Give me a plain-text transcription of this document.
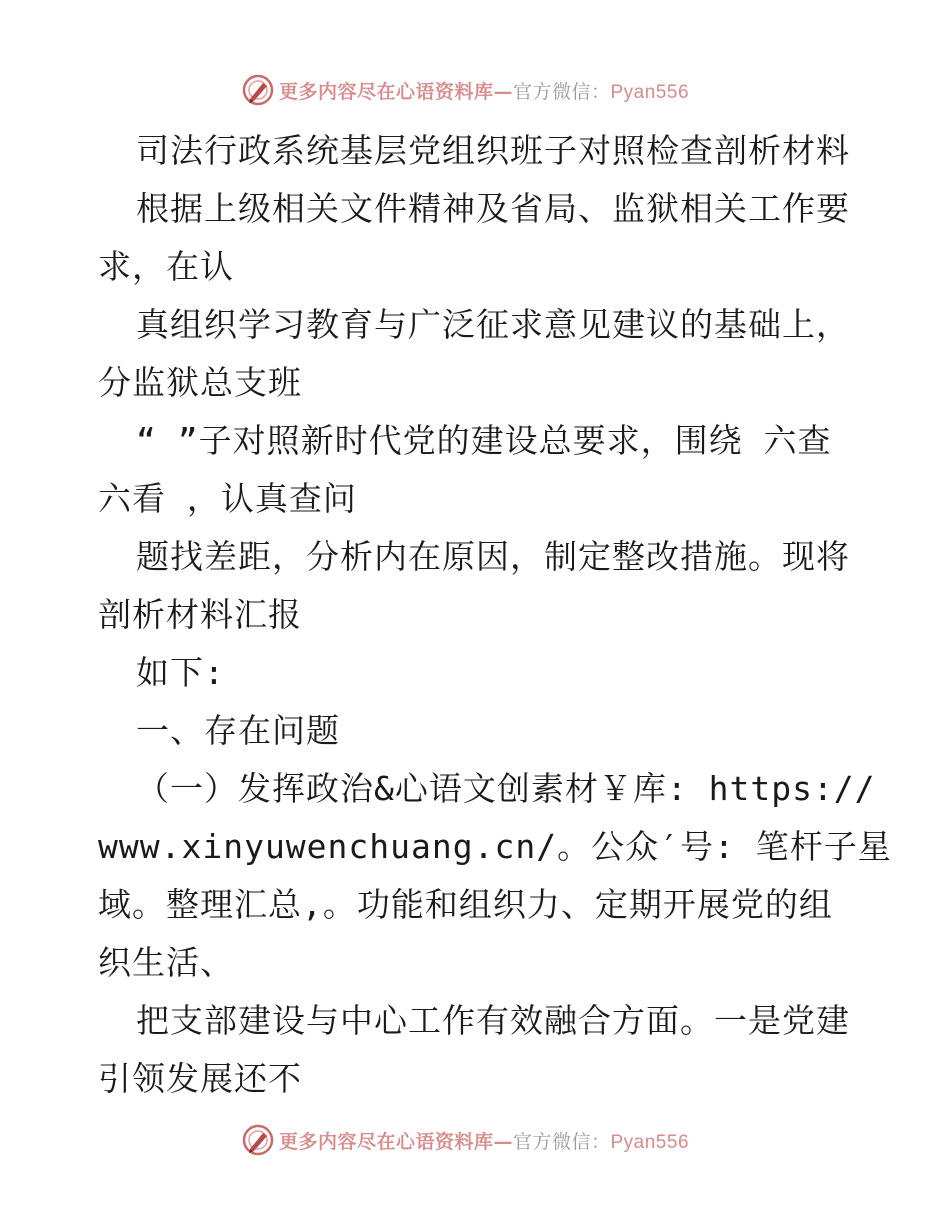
更多内容尽在心语资料库—官方微信：Pyan556
司法行政系统基层党组织班子对照检查剖析材料
根据上级相关文件精神及省局、监狱相关工作要
求，在认
真组织学习教育与广泛征求意见建议的基础上，
分监狱总支班
“ ”子对照新时代党的建设总要求，围绕 六查
六看 ，认真查问
题找差距，分析内在原因，制定整改措施。现将
剖析材料汇报
如下:
一、存在问题
（一）发挥政治&心语文创素材￥库: https://
www.xinyuwenchuang.cn/。公众′号: 笔杆子星
域。整理汇总,。功能和组织力、定期开展党的组
织生活、
把支部建设与中心工作有效融合方面。一是党建
引领发展还不
更多内容尽在心语资料库—官方微信：Pyan556
